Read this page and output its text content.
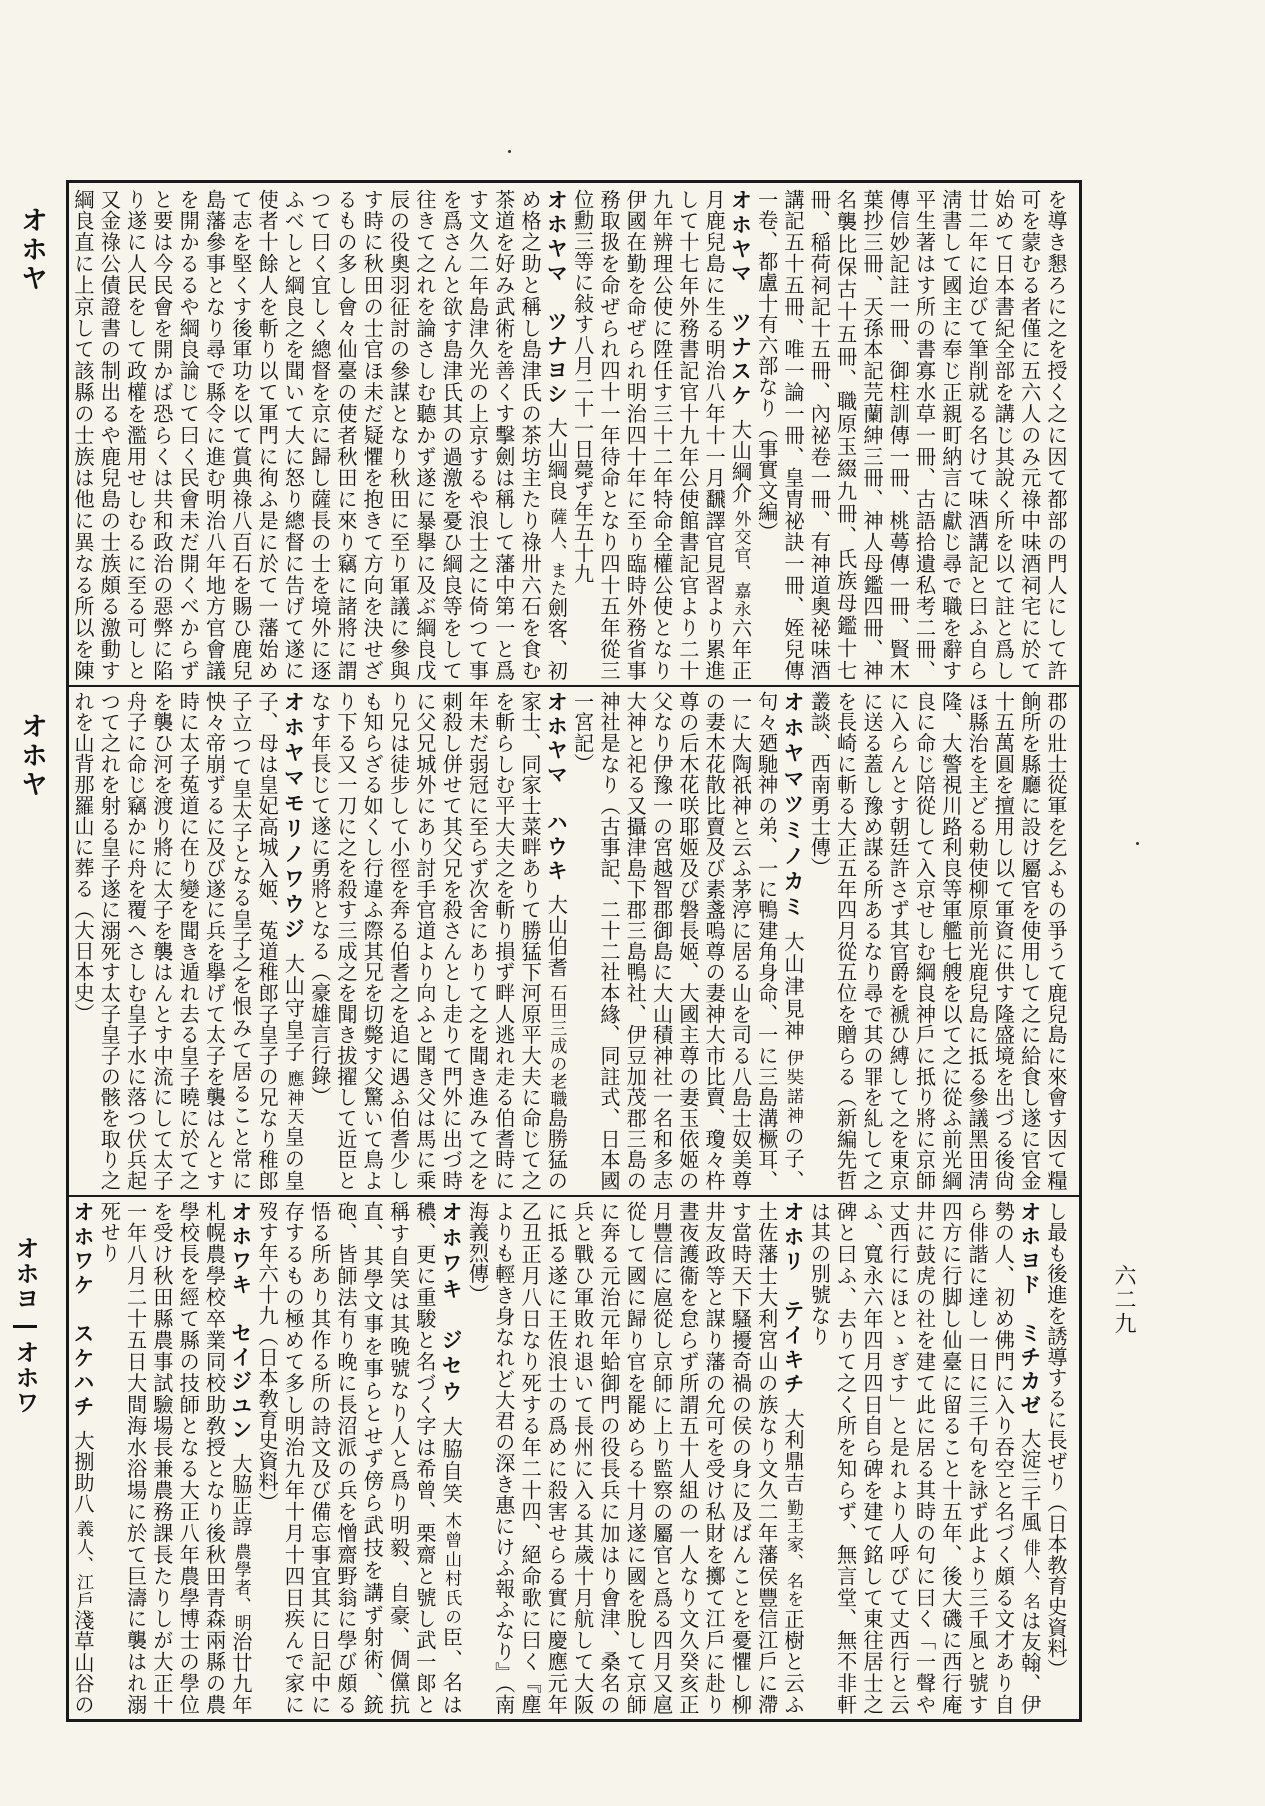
オホヤ
オホヤ
オホヨ―オホワ
を導き懇ろに之を授く之に因て都部の門人にして許可を蒙むる者僅に五六人のみ元祿中味酒祠宅に於て始めて日本書紀全部を講じ其說く所を以て註と爲し廿二年に迨びて筆削就る名けて味酒講記と曰ふ自ら淸書して國主に奉じ正親町納言に獻じ尋で職を辭す平生著はす所の書寡水草一冊、古語拾遺私考二冊、傳信妙記註一冊、御柱訓傳一冊、桃蕚傳一冊、賢木葉抄三冊、天孫本記芫蘭紳三冊、神人母鑑四冊、神名襲比保古十五冊、職原玉綴九冊、氏族母鑑十七冊、稲荷祠記十五冊、內祕卷一冊、有神道奧祕味酒講記五十五冊、唯一論一冊、皇胄祕訣一冊、姪兒傳一卷、都盧十有六部なり（事實文編）
オホヤマ　ツナスケ大山綱介外交官、嘉永六年正月鹿兒島に生る明治八年十一月飜譯官見習より累進して十七年外務書記官十九年公使館書記官より二十九年辨理公使に陞任す三十二年特命全權公使となり伊國在勤を命ぜられ明治四十年に至り臨時外務省事務取扱を命ぜられ四十一年待命となり四十五年從三位勳三等に敍す八月二十一日薨ず年五十九
オホヤマ　ツナヨシ大山綱良薩人、また劍客、初め格之助と稱し島津氏の茶坊主たり祿卅六石を食む茶道を好み武術を善くす擊劍は稱して藩中第一と爲す文久二年島津久光の上京するや浪士之に倚つて事を爲さんと欲す島津氏其の過激を憂ひ綱良等をして往きて之れを論さしむ聽かず遂に暴擧に及ぶ綱良戊辰の役奧羽征討の參謀となり秋田に至り軍議に參與す時に秋田の士官ほ未だ疑懼を抱きて方向を決せざるもの多し會々仙臺の使者秋田に來り竊に諸將に謂つて曰く宜しく總督を京に歸し薩長の士を境外に逐ふべしと綱良之を聞いて大に怒り總督に告げて遂に使者十餘人を斬り以て軍門に徇ふ是に於て一藩始めて志を堅くす後軍功を以て賞典祿八百石を賜ひ鹿兒島藩參事となり尋で縣令に進む明治八年地方官會議を開かるるや綱良論じて曰く民會未だ開くべからずと要は今民會を開かば恐らくは共和政治の惡弊に陷り遂に人民をして政權を濫用せしむるに至る可しと又金祿公債證書の制出るや鹿兒島の士族頗る激動す綱良直に上京して該縣の士族は他に異なる所以を陳
郡の壯士從軍を乞ふもの爭うて鹿兒島に來會す因て糧餉所を縣廳に設け屬官を使用して之に給食し遂に官金十五萬圓を擅用し以て軍資に供す隆盛境を出づる後尙ほ縣治を主どる勅使柳原前光鹿兒島に抵る參議黑田淸隆、大警視川路利良等軍艦七艘を以て之に從ふ前光綱良に命じ陪從して入京せしむ綱良神戶に抵り將に京師に入らんとす朝廷許さず其官爵を褫ひ縛して之を東京に送る蓋し豫め謀る所あるなり尋で其の罪を糺して之を長崎に斬る大正五年四月從五位を贈らる（新編先哲叢談、西南勇士傳）
オホヤマツミノカミ大山津見神伊奘諾神の子、句々廼馳神の弟、一に鴨建角身命、一に三島溝橛耳、一に大陶祇神と云ふ茅渟に居る山を司る八島士奴美尊の妻木花散比賣及び素盞嗚尊の妻神大市比賣、瓊々杵尊の后木花咲耶姬及び磐長姬、大國主尊の妻玉依姬の父なり伊豫一の宮越智郡御島に大山積神社一名和多志大神と祀る又攝津島下郡三島鴨社、伊豆加茂郡三島の神社是なり（古事記、二十二社本緣、同註式、日本國一宮記）
オホヤマ　ハウキ大山伯耆石田三成の老職島勝猛の家士、同家士菜畔ありて勝猛下河原平大夫に命じて之を斬らしむ平大夫之を斬り損ず畔人逃れ走る伯耆時に年未だ弱冠に至らず次舍にありて之を聞き進みて之を刺殺し併せて其父兄を殺さんとし走りて門外に出づ時に父兄城外にあり討手官道より向ふと聞き父は馬に乘り兄は徒步して小徑を奔る伯耆之を追に遇ふ伯耆少しも知らざる如くし行違ふ際其兄を切斃す父驚いて鳥より下る又一刀に之を殺す三成之を聞き拔擢して近臣となす年長じて遂に勇將となる（豪雄言行錄）
オホヤマモリノワウジ大山守皇子應神天皇の皇子、母は皇妃高城入姬、菟道稚郎子皇子の兄なり稚郎子立つて皇太子となる皇子之を恨みて居ること常に怏々帝崩ずるに及び遂に兵を擧げて太子を襲はんとす時に太子菟道に在り變を聞き遁れ去る皇子曉に於て之を襲ひ河を渡り將に太子を襲はんとす中流にして太子舟子に命じ竊かに舟を覆へさしむ皇子水に落つ伏兵起つて之れを射る皇子遂に溺死す太子皇子の骸を取り之れを山背那羅山に葬る（大日本史）

し最も後進を誘導するに長ぜり（日本教育史資料）
オホヨド　ミチカゼ大淀三千風俳人、名は友翰、伊勢の人、初め佛門に入り吞空と名づく頗る文才あり自ら俳諧に達し一日に三千句を詠ず此より三千風と號す四方に行脚し仙臺に留ること十五年、後大磯に西行庵井に鼓虎の社を建て此に居る其時の句に曰く「一聲や丈西行にほとゝぎす」と是れより人呼びて丈西行と云ふ、寬永六年四月四日自ら碑を建て銘して東往居士之碑と曰ふ、去りて之く所を知らず、無言堂、無不非軒は其の別號なり
オホリ　テイキチ大利鼎吉勤王家、名を正樹と云ふ土佐藩士大利宮山の族なり文久二年藩侯豐信江戶に滯す當時天下騷擾奇禍の侯の身に及ばんことを憂懼し柳井友政等と謀り藩の允可を受け私財を擲て江戶に赴り晝夜護衞を怠らず所謂五十人組の一人なり文久癸亥正月豐信に扈從し京師に上り監察の屬官と爲る四月又扈從して國に歸り官を罷めらる十月遂に國を脫して京師に奔る元治元年蛤御門の役長兵に加はり會津、桑名の兵と戰ひ軍敗れ退いて長州に入る其歲十月航して大阪に抵る遂に王佐浪士の爲めに殺害せらる實に慶應元年乙丑正月八日なり死する年二十四、絕命歌に曰く『塵よりも輕き身なれど大君の深き惠にけふ報ふなり』（南海義烈傳）
オホワキ　ジセウ大脇自笑木曾山村氏の臣、名は穠、更に重駿と名づく字は希曾、栗齋と號し武一郞と稱す自笑は其晚號なり人と爲り明毅、自豪、倜儻抗直、其學文事を事らとせず傍ら武技を講ず射術、銃砲、皆師法有り晚に長沼派の兵を憎齋野翁に學び頗る悟る所あり其作る所の詩文及び備忘事宜其に日記中に存するもの極めて多し明治九年十月十四日疾んで家に歿す年六十九（日本敎育史資料）
オホワキ　セイジユン大脇正諄農學者、明治廿九年札幌農學校卒業同校助敎授となり後秋田青森兩縣の農學校長を經て縣の技師となる大正八年農學博士の學位を受け秋田縣農事試驗場長兼農務課長たりしが大正十一年八月二十五日大間海水浴場に於て巨濤に襲はれ溺死せり
オホワケ　スケハチ大捌助八義人、江戶淺草山谷の
六二九
